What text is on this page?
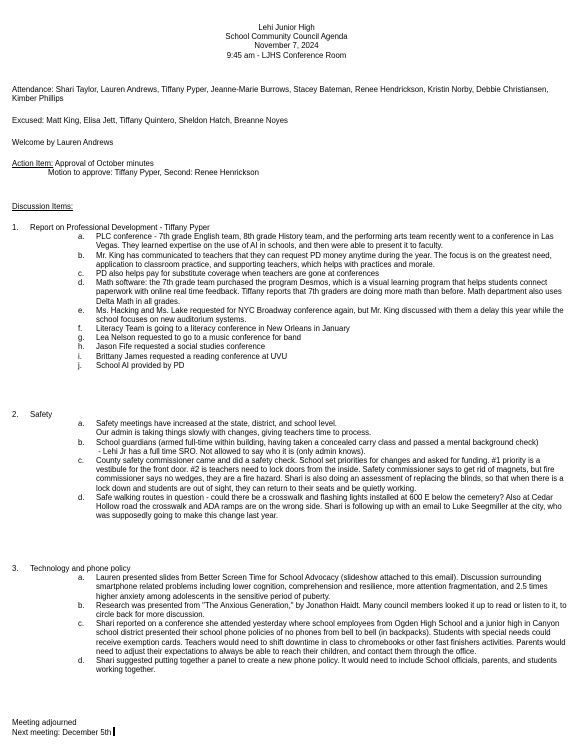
Lehi Junior High
School Community Council Agenda
November 7, 2024
9:45 am - LJHS Conference Room
Attendance: Shari Taylor, Lauren Andrews, Tiffany Pyper, Jeanne-Marie Burrows, Stacey Bateman, Renee Hendrickson, Kristin Norby, Debbie Christiansen, Kimber Phillips
Excused: Matt King, Elisa Jett, Tiffany Quintero, Sheldon Hatch, Breanne Noyes
Welcome by Lauren Andrews
Action Item: Approval of October minutes
Motion to approve: Tiffany Pyper, Second: Renee Henrickson
Discussion Items:
1. Report on Professional Development - Tiffany Pyper
a. PLC conference - 7th grade English team, 8th grade History team, and the performing arts team recently went to a conference in Las Vegas. They learned expertise on the use of AI in schools, and then were able to present it to faculty.
b. Mr. King has communicated to teachers that they can request PD money anytime during the year. The focus is on the greatest need, application to classroom practice, and supporting teachers, which helps with practices and morale.
c. PD also helps pay for substitute coverage when teachers are gone at conferences
d. Math software: the 7th grade team purchased the program Desmos, which is a visual learning program that helps students connect paperwork with online real time feedback. Tiffany reports that 7th graders are doing more math than before. Math department also uses Delta Math in all grades.
e. Ms. Hacking and Ms. Lake requested for NYC Broadway conference again, but Mr. King discussed with them a delay this year while the school focuses on new auditorium systems.
f. Literacy Team is going to a literacy conference in New Orleans in January
g. Lea Nelson requested to go to a music conference for band
h. Jason Fife requested a social studies conference
i. Brittany James requested a reading conference at UVU
j. School AI provided by PD
2. Safety
a. Safety meetings have increased at the state, district, and school level.
Our admin is taking things slowly with changes, giving teachers time to process.
b. School guardians (armed full-time within building, having taken a concealed carry class and passed a mental background check)
- Lehi Jr has a full time SRO. Not allowed to say who it is (only admin knows).
c. County safety commissioner came and did a safety check. School set priorities for changes and asked for funding. #1 priority is a vestibule for the front door. #2 is teachers need to lock doors from the inside. Safety commissioner says to get rid of magnets, but fire commissioner says no wedges, they are a fire hazard. Shari is also doing an assessment of replacing the blinds, so that when there is a lock down and students are out of sight, they can return to their seats and be quietly working.
d. Safe walking routes in question - could there be a crosswalk and flashing lights installed at 600 E below the cemetery? Also at Cedar Hollow road the crosswalk and ADA ramps are on the wrong side. Shari is following up with an email to Luke Seegmiller at the city, who was supposedly going to make this change last year.
3. Technology and phone policy
a. Lauren presented slides from Better Screen Time for School Advocacy (slideshow attached to this email). Discussion surrounding smartphone related problems including lower cognition, comprehension and resilience, more attention fragmentation, and 2.5 times higher anxiety among adolescents in the sensitive period of puberty.
b. Research was presented from "The Anxious Generation," by Jonathon Haidt. Many council members looked it up to read or listen to it, to circle back for more discussion.
c. Shari reported on a conference she attended yesterday where school employees from Ogden High School and a junior high in Canyon school district presented their school phone policies of no phones from bell to bell (in backpacks). Students with special needs could receive exemption cards. Teachers would need to shift downtime in class to chromebooks or other fast finishers activities. Parents would need to adjust their expectations to always be able to reach their children, and contact them through the office.
d. Shari suggested putting together a panel to create a new phone policy. It would need to include School officials, parents, and students working together.
Meeting adjourned
Next meeting: December 5th
